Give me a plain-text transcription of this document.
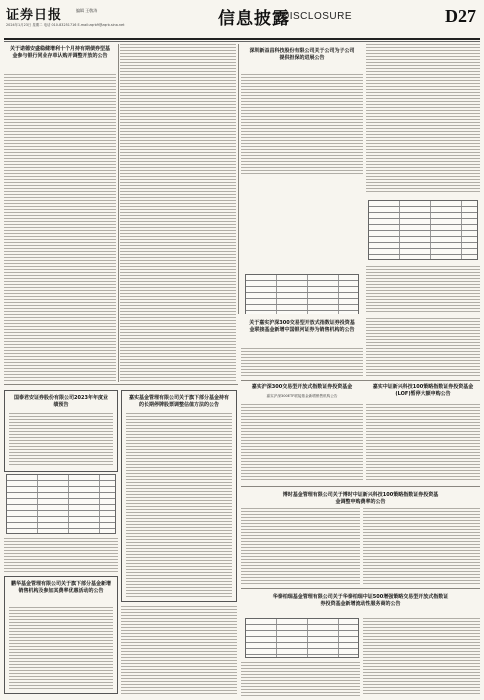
证券日报	编辑 王敬涛
2024年1月23日 星期二 电话 010-83251716 E-mail:zqrb9@zqrb.sina.net	信息披露
DISCLOSURE	D27
关于诺德安盛稳健增利十个月持有期债券型基金参与银行同业存单认购并调整开放的公告
深圳新益昌科技股份有限公司关于公司为子公司提供担保的进展公告
国泰君安证券股份有限公司2023年年度业绩预告
嘉实基金管理有限公司关于旗下部分基金持有的长期停牌股票调整估值方法的公告
关于嘉实沪深300交易型开放式指数证券投资基金联接基金新增中国银河证券为销售机构的公告
嘉实沪深300交易型开放式指数证券投资基金
嘉实沪深300ETF联接基金新增销售机构公告
嘉实中证新兴科技100策略指数证券投资基金(LOF)暂停大额申购公告
博时基金管理有限公司关于博时中证新兴科技100策略指数证券投资基金调整申购费率的公告
鹏华基金管理有限公司关于旗下部分基金新增销售机构及参加其费率优惠活动的公告
华泰柏瑞基金管理有限公司关于华泰柏瑞中证500增强策略交易型开放式指数证券投资基金新增流动性服务商的公告
